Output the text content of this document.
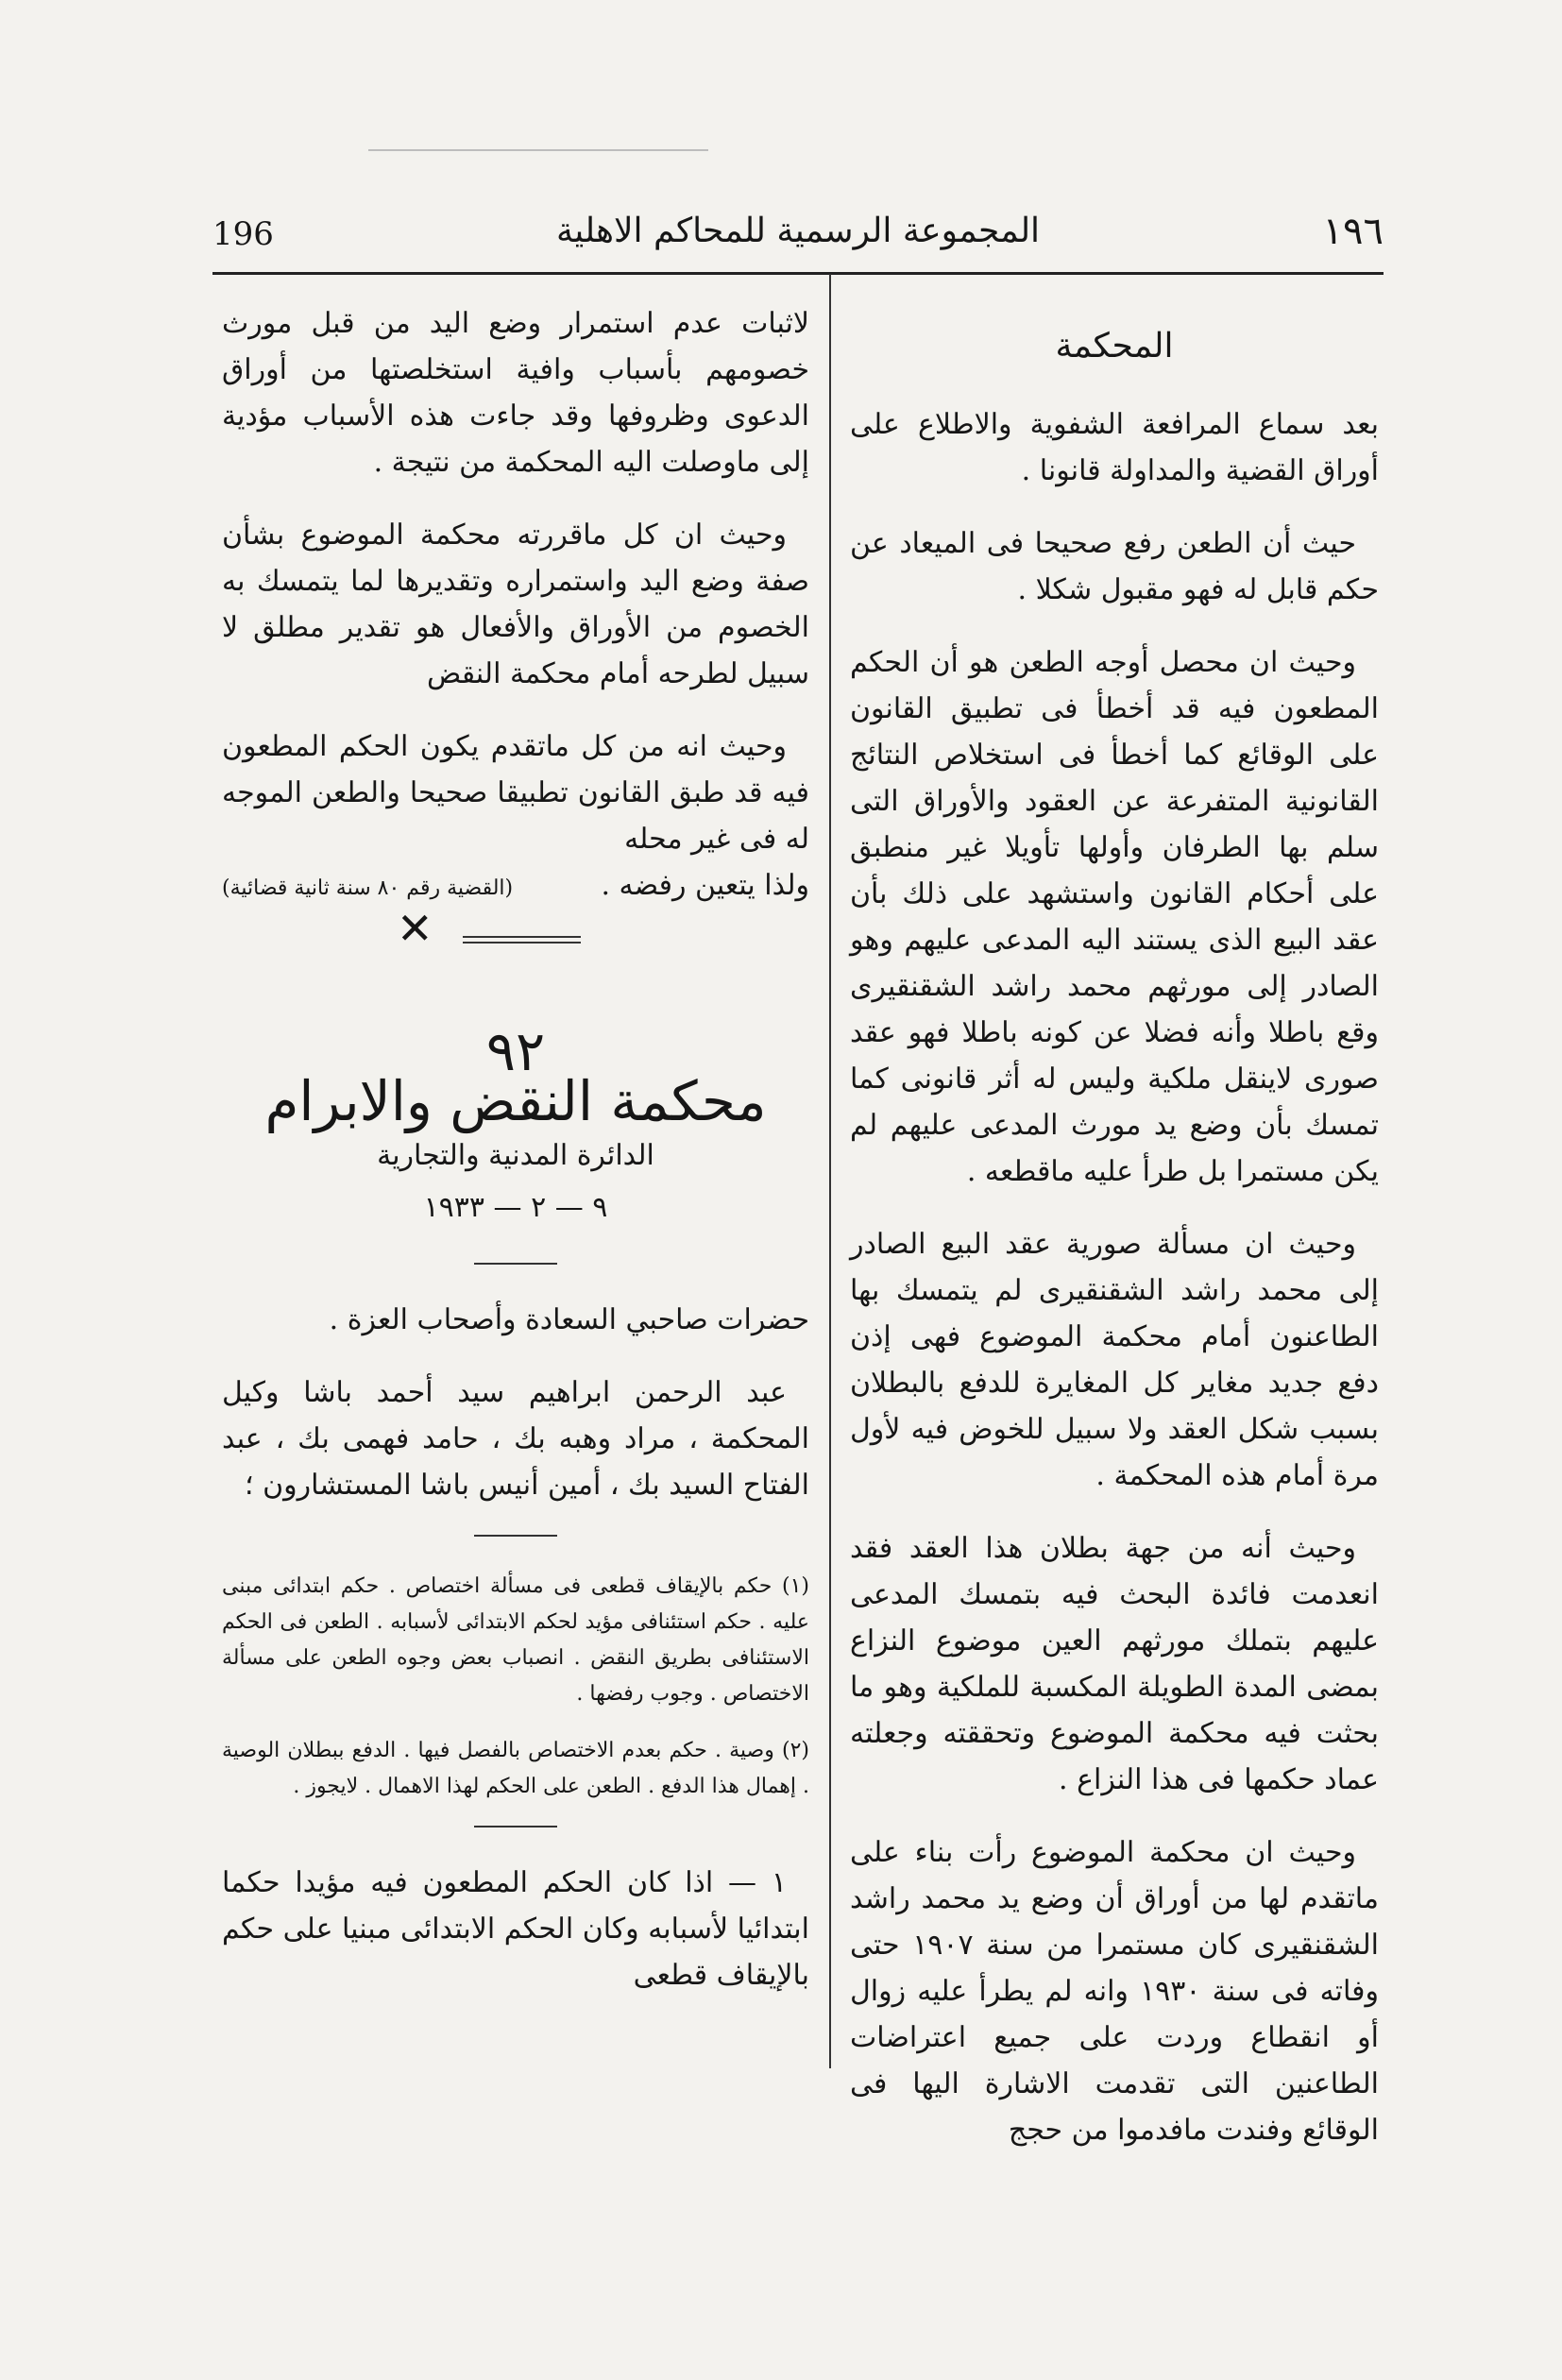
196	المجموعة الرسمية للمحاكم الاهلية	١٩٦
المحكمة

بعد سماع المرافعة الشفوية والاطلاع على أوراق القضية والمداولة قانونا .

حيث أن الطعن رفع صحيحا فى الميعاد عن حكم قابل له فهو مقبول شكلا .

وحيث ان محصل أوجه الطعن هو أن الحكم المطعون فيه قد أخطأ فى تطبيق القانون على الوقائع كما أخطأ فى استخلاص النتائج القانونية المتفرعة عن العقود والأوراق التى سلم بها الطرفان وأولها تأويلا غير منطبق على أحكام القانون واستشهد على ذلك بأن عقد البيع الذى يستند اليه المدعى عليهم وهو الصادر إلى مورثهم محمد راشد الشقنقيرى وقع باطلا وأنه فضلا عن كونه باطلا فهو عقد صورى لاينقل ملكية وليس له أثر قانونى كما تمسك بأن وضع يد مورث المدعى عليهم لم يكن مستمرا بل طرأ عليه ماقطعه .

وحيث ان مسألة صورية عقد البيع الصادر إلى محمد راشد الشقنقيرى لم يتمسك بها الطاعنون أمام محكمة الموضوع فهى إذن دفع جديد مغاير كل المغايرة للدفع بالبطلان بسبب شكل العقد ولا سبيل للخوض فيه لأول مرة أمام هذه المحكمة .

وحيث أنه من جهة بطلان هذا العقد فقد انعدمت فائدة البحث فيه بتمسك المدعى عليهم بتملك مورثهم العين موضوع النزاع بمضى المدة الطويلة المكسبة للملكية وهو ما بحثت فيه محكمة الموضوع وتحققته وجعلته عماد حكمها فى هذا النزاع .

وحيث ان محكمة الموضوع رأت بناء على ماتقدم لها من أوراق أن وضع يد محمد راشد الشقنقيرى كان مستمرا من سنة ١٩٠٧ حتى وفاته فى سنة ١٩٣٠ وانه لم يطرأ عليه زوال أو انقطاع وردت على جميع اعتراضات الطاعنين التى تقدمت الاشارة اليها فى الوقائع وفندت مافدموا من حجج

لاثبات عدم استمرار وضع اليد من قبل مورث خصومهم بأسباب وافية استخلصتها من أوراق الدعوى وظروفها وقد جاءت هذه الأسباب مؤدية إلى ماوصلت اليه المحكمة من نتيجة .

وحيث ان كل ماقررته محكمة الموضوع بشأن صفة وضع اليد واستمراره وتقديرها لما يتمسك به الخصوم من الأوراق والأفعال هو تقدير مطلق لا سبيل لطرحه أمام محكمة النقض

وحيث انه من كل ماتقدم يكون الحكم المطعون فيه قد طبق القانون تطبيقا صحيحا والطعن الموجه له فى غير محله

ولذا يتعين رفضه .
(القضية رقم ٨٠ سنة ثانية قضائية)
✕
٩٢
محكمة النقض والابرام
الدائرة المدنية والتجارية
٩ — ٢ — ١٩٣٣

حضرات صاحبي السعادة وأصحاب العزة .

عبد الرحمن ابراهيم سيد أحمد باشا وكيل المحكمة ، مراد وهبه بك ، حامد فهمى بك ، عبد الفتاح السيد بك ، أمين أنيس باشا المستشارون ؛

(١) حكم بالإيقاف قطعى فى مسألة اختصاص . حكم ابتدائى مبنى عليه . حكم استئنافى مؤيد لحكم الابتدائى لأسبابه . الطعن فى الحكم الاستئنافى بطريق النقض . انصباب بعض وجوه الطعن على مسألة الاختصاص . وجوب رفضها .

(٢) وصية . حكم بعدم الاختصاص بالفصل فيها . الدفع ببطلان الوصية . إهمال هذا الدفع . الطعن على الحكم لهذا الاهمال . لايجوز .

١ — اذا كان الحكم المطعون فيه مؤيدا حكما ابتدائيا لأسبابه وكان الحكم الابتدائى مبنيا على حكم بالإيقاف قطعى
